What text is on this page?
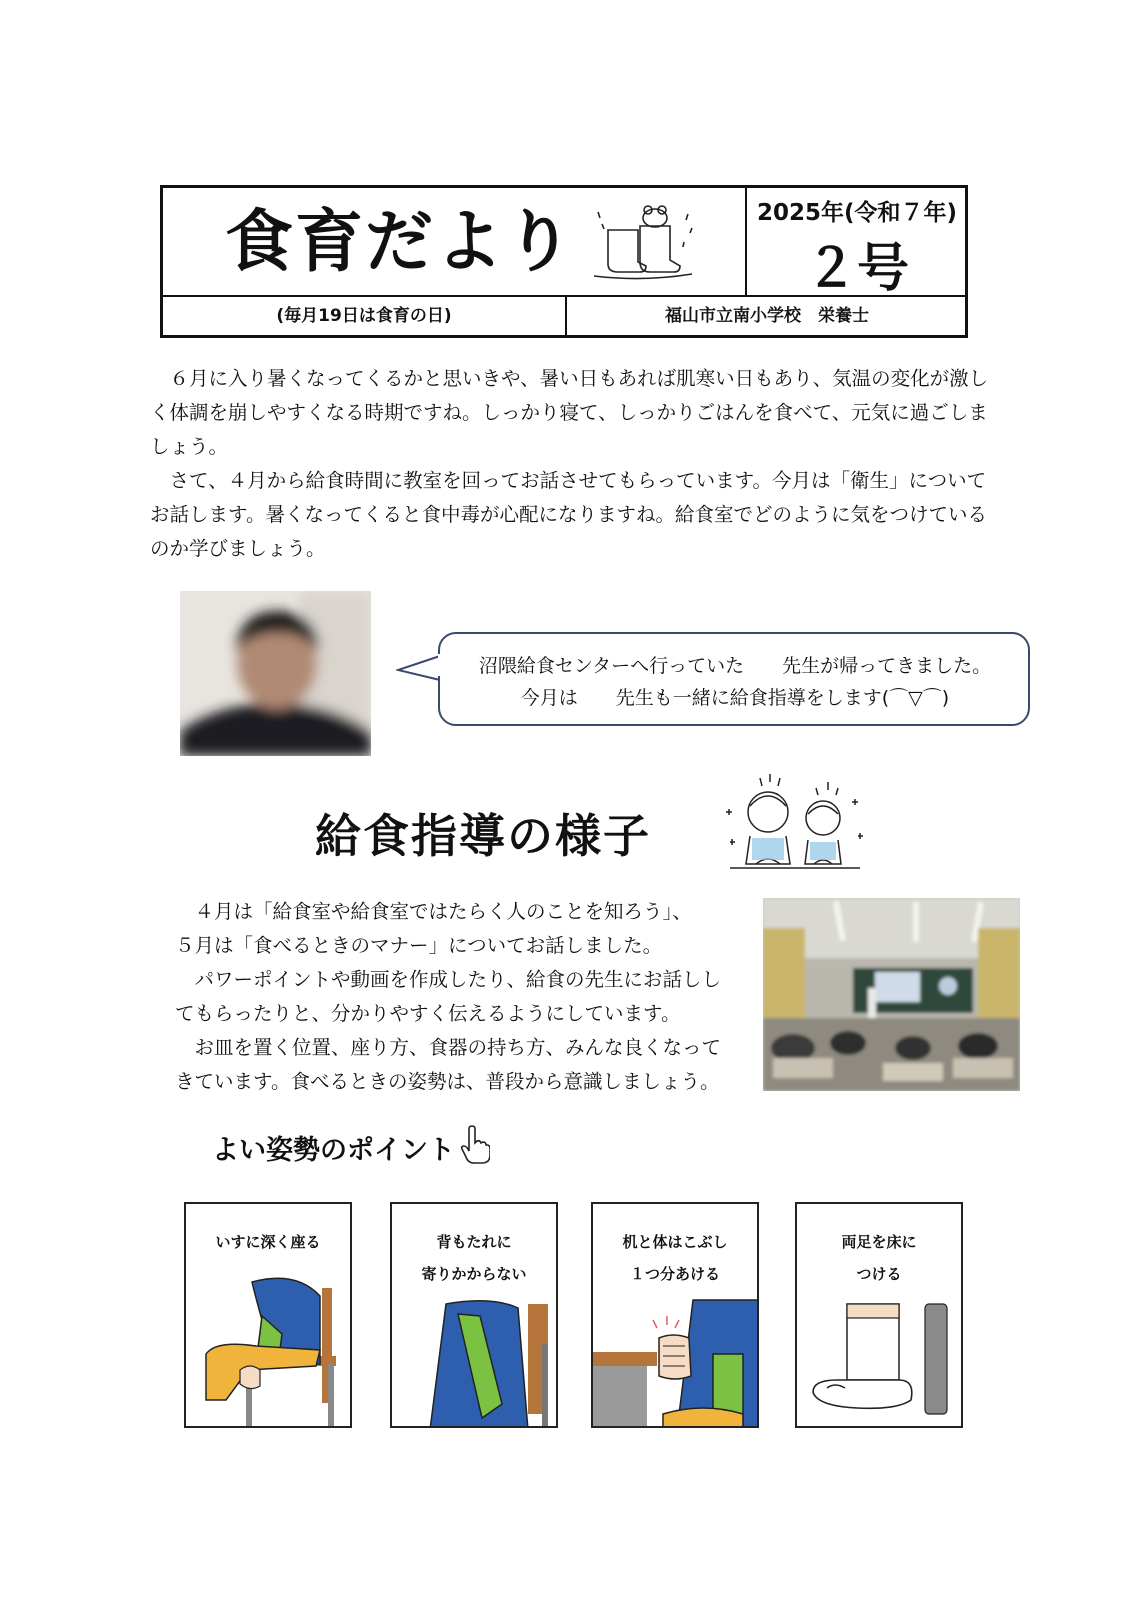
食育だより	2025年(令和７年)
２号
(毎月19日は食育の日)	福山市立南小学校　栄養士

６月に入り暑くなってくるかと思いきや、暑い日もあれば肌寒い日もあり、気温の変化が激しく体調を崩しやすくなる時期ですね。しっかり寝て、しっかりごはんを食べて、元気に過ごしましょう。

さて、４月から給食時間に教室を回ってお話させてもらっています。今月は「衛生」についてお話します。暑くなってくると食中毒が心配になりますね。給食室でどのように気をつけているのか学びましょう。

沼隈給食センターへ行っていた　　先生が帰ってきました。
今月は　　先生も一緒に給食指導をします(⌒▽⌒)
給食指導の様子

４月は「給食室や給食室ではたらく人のことを知ろう」、

５月は「食べるときのマナー」についてお話しました。

パワーポイントや動画を作成したり、給食の先生にお話しし

てもらったりと、分かりやすく伝えるようにしています。

お皿を置く位置、座り方、食器の持ち方、みんな良くなって

きています。食べるときの姿勢は、普段から意識しましょう。

よい姿勢のポイント
いすに深く座る	背もたれに
寄りかからない
机と体はこぶし
１つ分あける
両足を床に
つける
